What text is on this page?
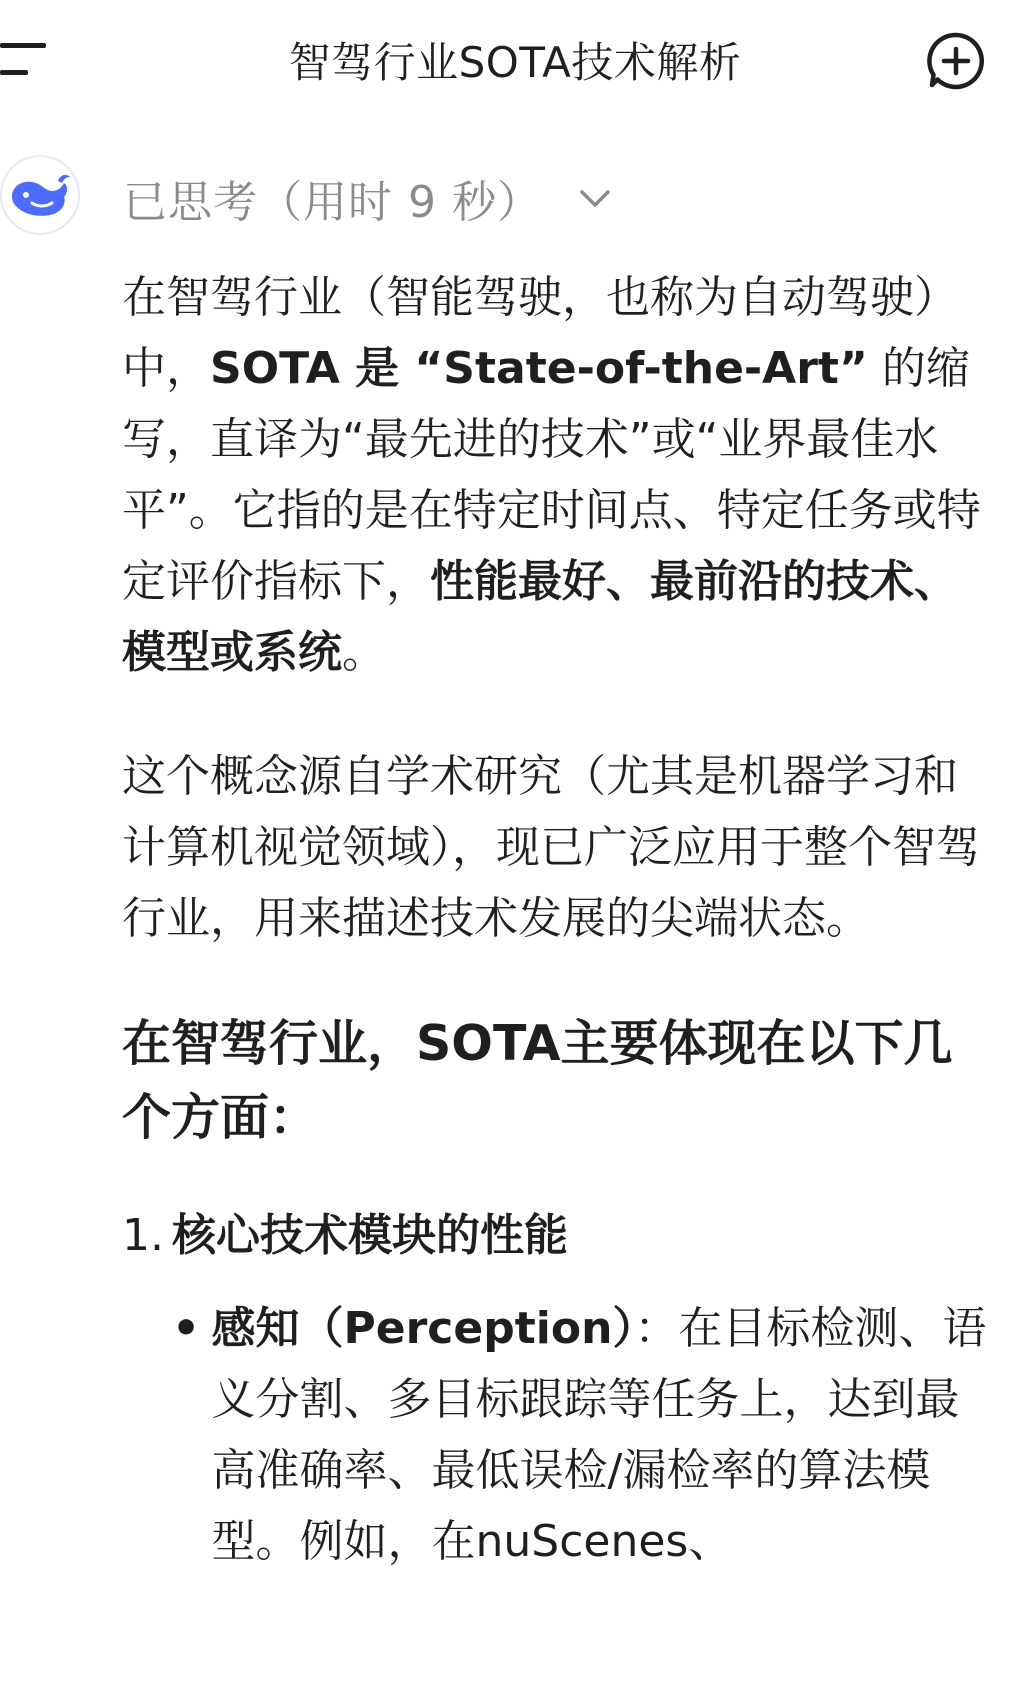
智驾行业SOTA技术解析
已思考（用时 9 秒）

在智驾行业（智能驾驶，也称为自动驾驶）中，SOTA 是 “State-of-the-Art” 的缩写，直译为“最先进的技术”或“业界最佳水平”。它指的是在特定时间点、特定任务或特定评价指标下，性能最好、最前沿的技术、模型或系统。

这个概念源自学术研究（尤其是机器学习和计算机视觉领域），现已广泛应用于整个智驾行业，用来描述技术发展的尖端状态。

在智驾行业，SOTA主要体现在以下几个方面：
1. 核心技术模块的性能
• 感知（Perception）：在目标检测、语义分割、多目标跟踪等任务上，达到最高准确率、最低误检/漏检率的算法模型。例如，在nuScenes、
